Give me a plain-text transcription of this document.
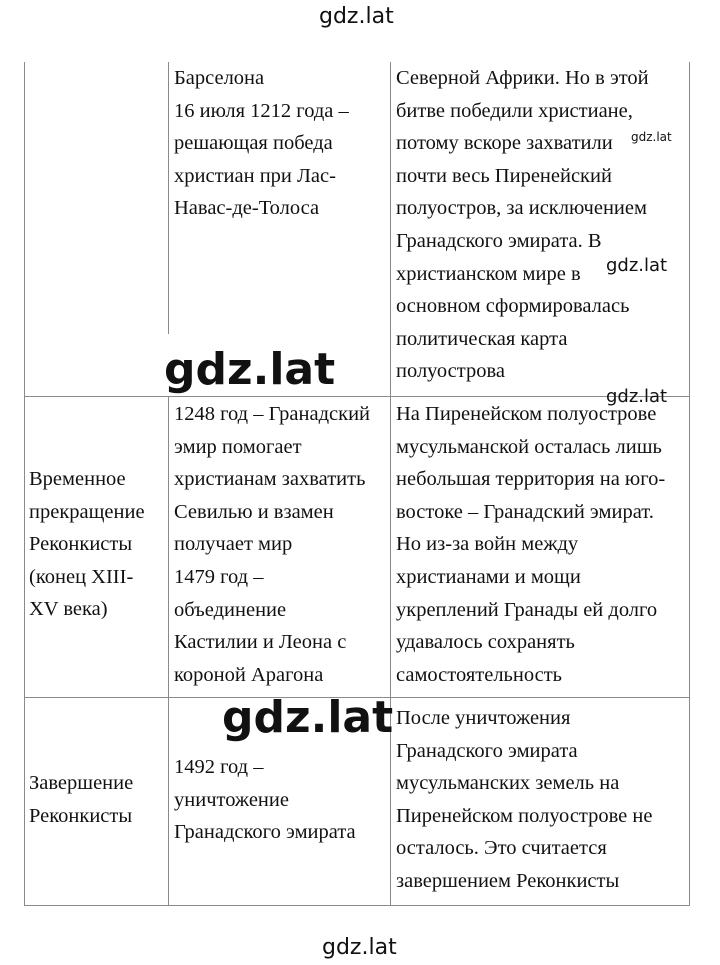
gdz.lat
gdz.lat
Барселона
16 июля 1212 года –
решающая победа
христиан при Лас-
Навас-де-Толоса
Северной Африки. Но в этой
битве победили христиане,
потому вскоре захватили
почти весь Пиренейский
полуостров, за исключением
Гранадского эмирата. В
христианском мире в
основном сформировалась
политическая карта
полуострова
Временное
прекращение
Реконкисты
(конец XIII-
XV века)
1248 год – Гранадский
эмир помогает
христианам захватить
Севилью и взамен
получает мир
1479 год –
объединение
Кастилии и Леона с
короной Арагона
На Пиренейском полуострове
мусульманской осталась лишь
небольшая территория на юго-
востоке – Гранадский эмират.
Но из-за войн между
христианами и мощи
укреплений Гранады ей долго
удавалось сохранять
самостоятельность
Завершение
Реконкисты
1492 год –
уничтожение
Гранадского эмирата
После уничтожения
Гранадского эмирата
мусульманских земель на
Пиренейском полуострове не
осталось. Это считается
завершением Реконкисты
gdz.lat
gdz.lat
gdz.lat
gdz.lat
gdz.lat
